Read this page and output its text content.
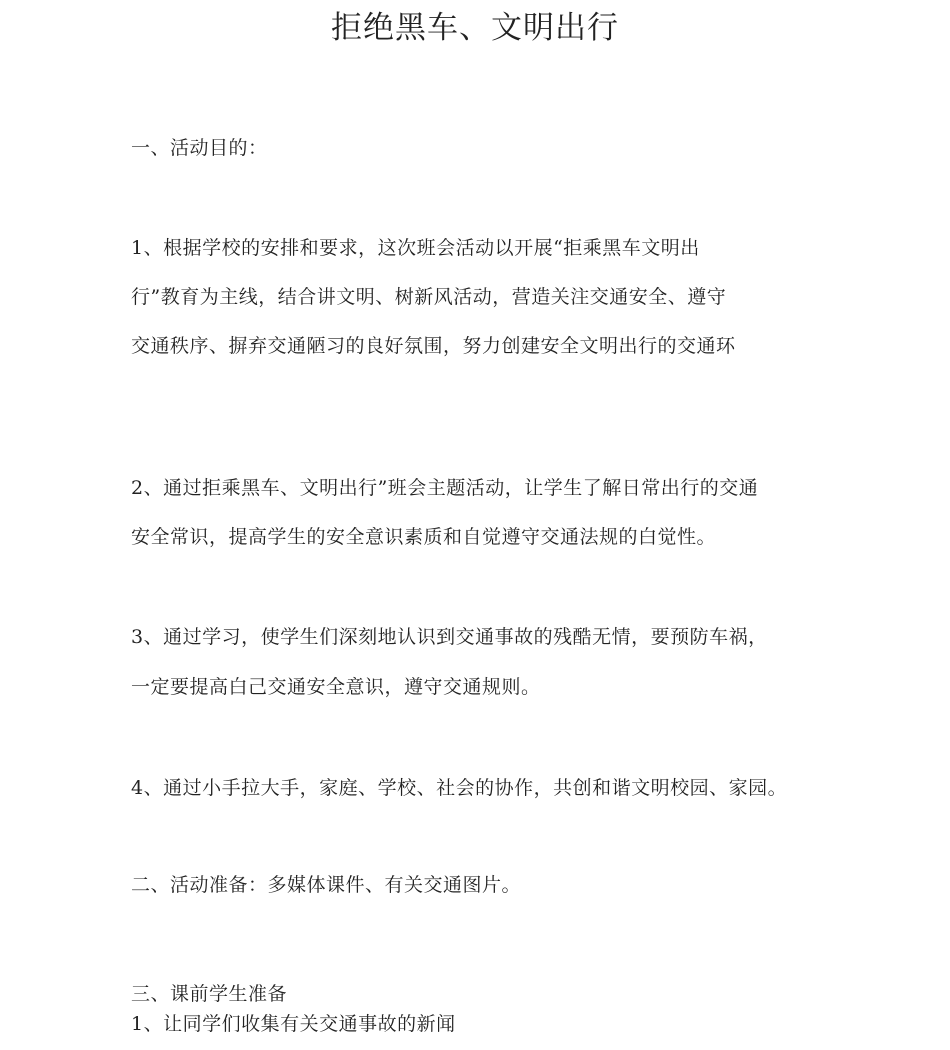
拒绝黑车、文明出行
一、活动目的：
1、根据学校的安排和要求，这次班会活动以开展“拒乘黑车文明出
行”教育为主线，结合讲文明、树新风活动，营造关注交通安全、遵守
交通秩序、摒弃交通陋习的良好氛围，努力创建安全文明出行的交通环
2、通过拒乘黑车、文明出行”班会主题活动，让学生了解日常出行的交通
安全常识，提高学生的安全意识素质和自觉遵守交通法规的白觉性。
3、通过学习，使学生们深刻地认识到交通事故的残酷无情，要预防车祸，
一定要提高白己交通安全意识，遵守交通规则。
4、通过小手拉大手，家庭、学校、社会的协作，共创和谐文明校园、家园。
二、活动准备：多媒体课件、有关交通图片。
三、课前学生准备
1、让同学们收集有关交通事故的新闻
